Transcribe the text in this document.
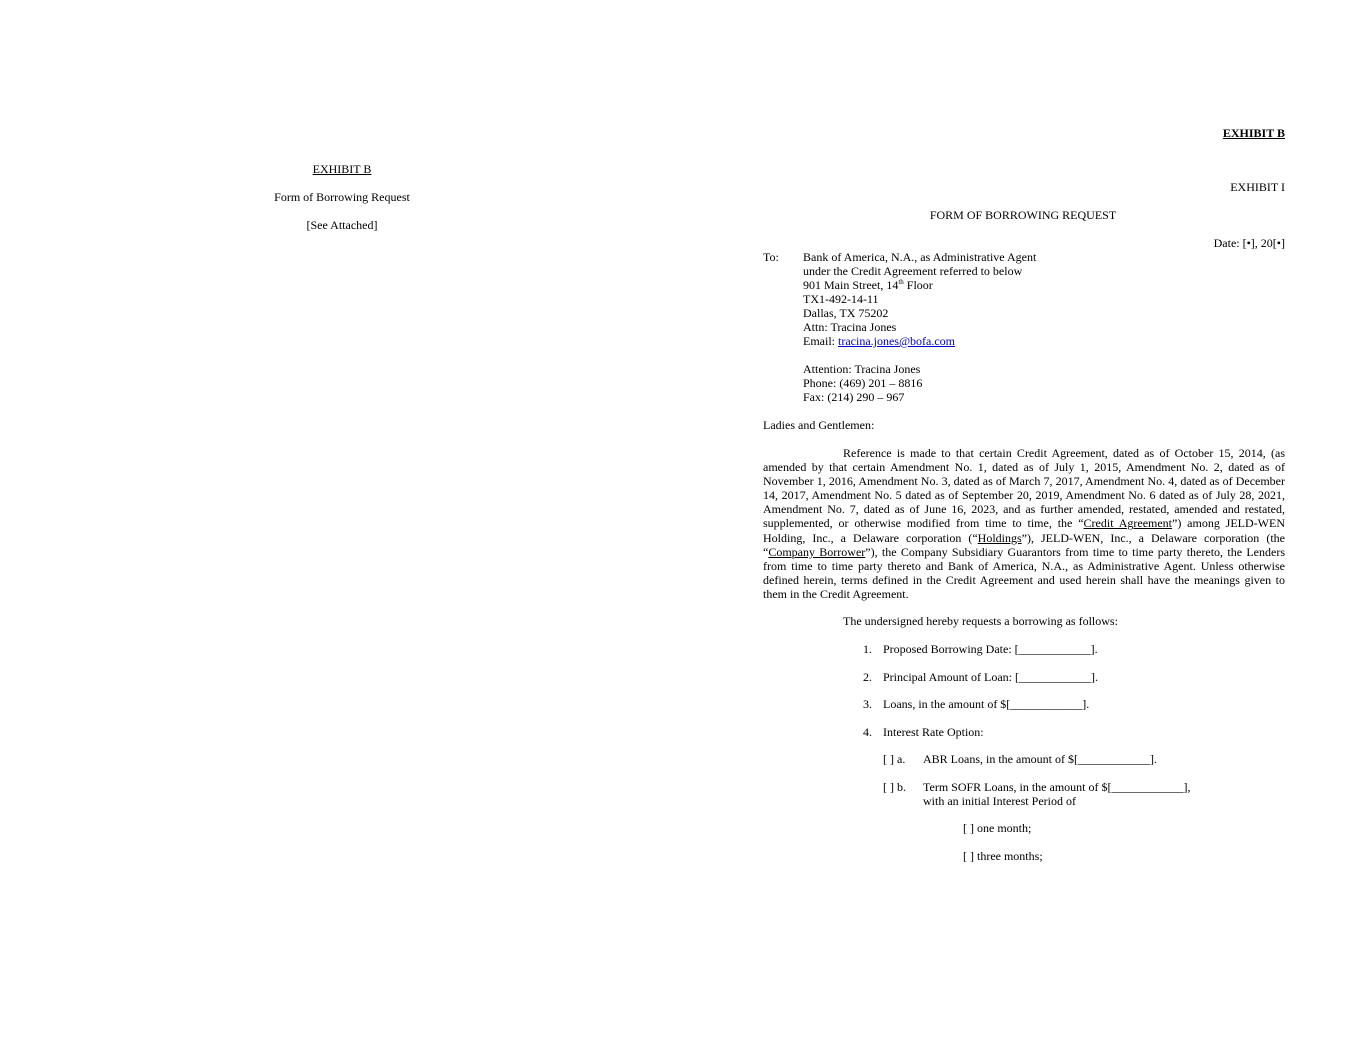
EXHIBIT B
Form of Borrowing Request
[See Attached]
EXHIBIT B
EXHIBIT I
FORM OF BORROWING REQUEST
Date: [•], 20[•]
To: Bank of America, N.A., as Administrative Agent
under the Credit Agreement referred to below
901 Main Street, 14th Floor
TX1-492-14-11
Dallas, TX 75202
Attn: Tracina Jones
Email: tracina.jones@bofa.com
Attention: Tracina Jones
Phone: (469) 201 – 8816
Fax: (214) 290 – 967
Ladies and Gentlemen:
Reference is made to that certain Credit Agreement, dated as of October 15, 2014, (as amended by that certain Amendment No. 1, dated as of July 1, 2015, Amendment No. 2, dated as of November 1, 2016, Amendment No. 3, dated as of March 7, 2017, Amendment No. 4, dated as of December 14, 2017, Amendment No. 5 dated as of September 20, 2019, Amendment No. 6 dated as of July 28, 2021, Amendment No. 7, dated as of June 16, 2023, and as further amended, restated, amended and restated, supplemented, or otherwise modified from time to time, the “Credit Agreement”) among JELD-WEN Holding, Inc., a Delaware corporation (“Holdings”), JELD-WEN, Inc., a Delaware corporation (the “Company Borrower”), the Company Subsidiary Guarantors from time to time party thereto, the Lenders from time to time party thereto and Bank of America, N.A., as Administrative Agent. Unless otherwise defined herein, terms defined in the Credit Agreement and used herein shall have the meanings given to them in the Credit Agreement.
The undersigned hereby requests a borrowing as follows:
1. Proposed Borrowing Date: [____________].
2. Principal Amount of Loan: [____________].
3. Loans, in the amount of $[____________].
4. Interest Rate Option:
[ ] a. ABR Loans, in the amount of $[____________].
[ ] b. Term SOFR Loans, in the amount of $[____________],
with an initial Interest Period of
[ ] one month;
[ ] three months;
